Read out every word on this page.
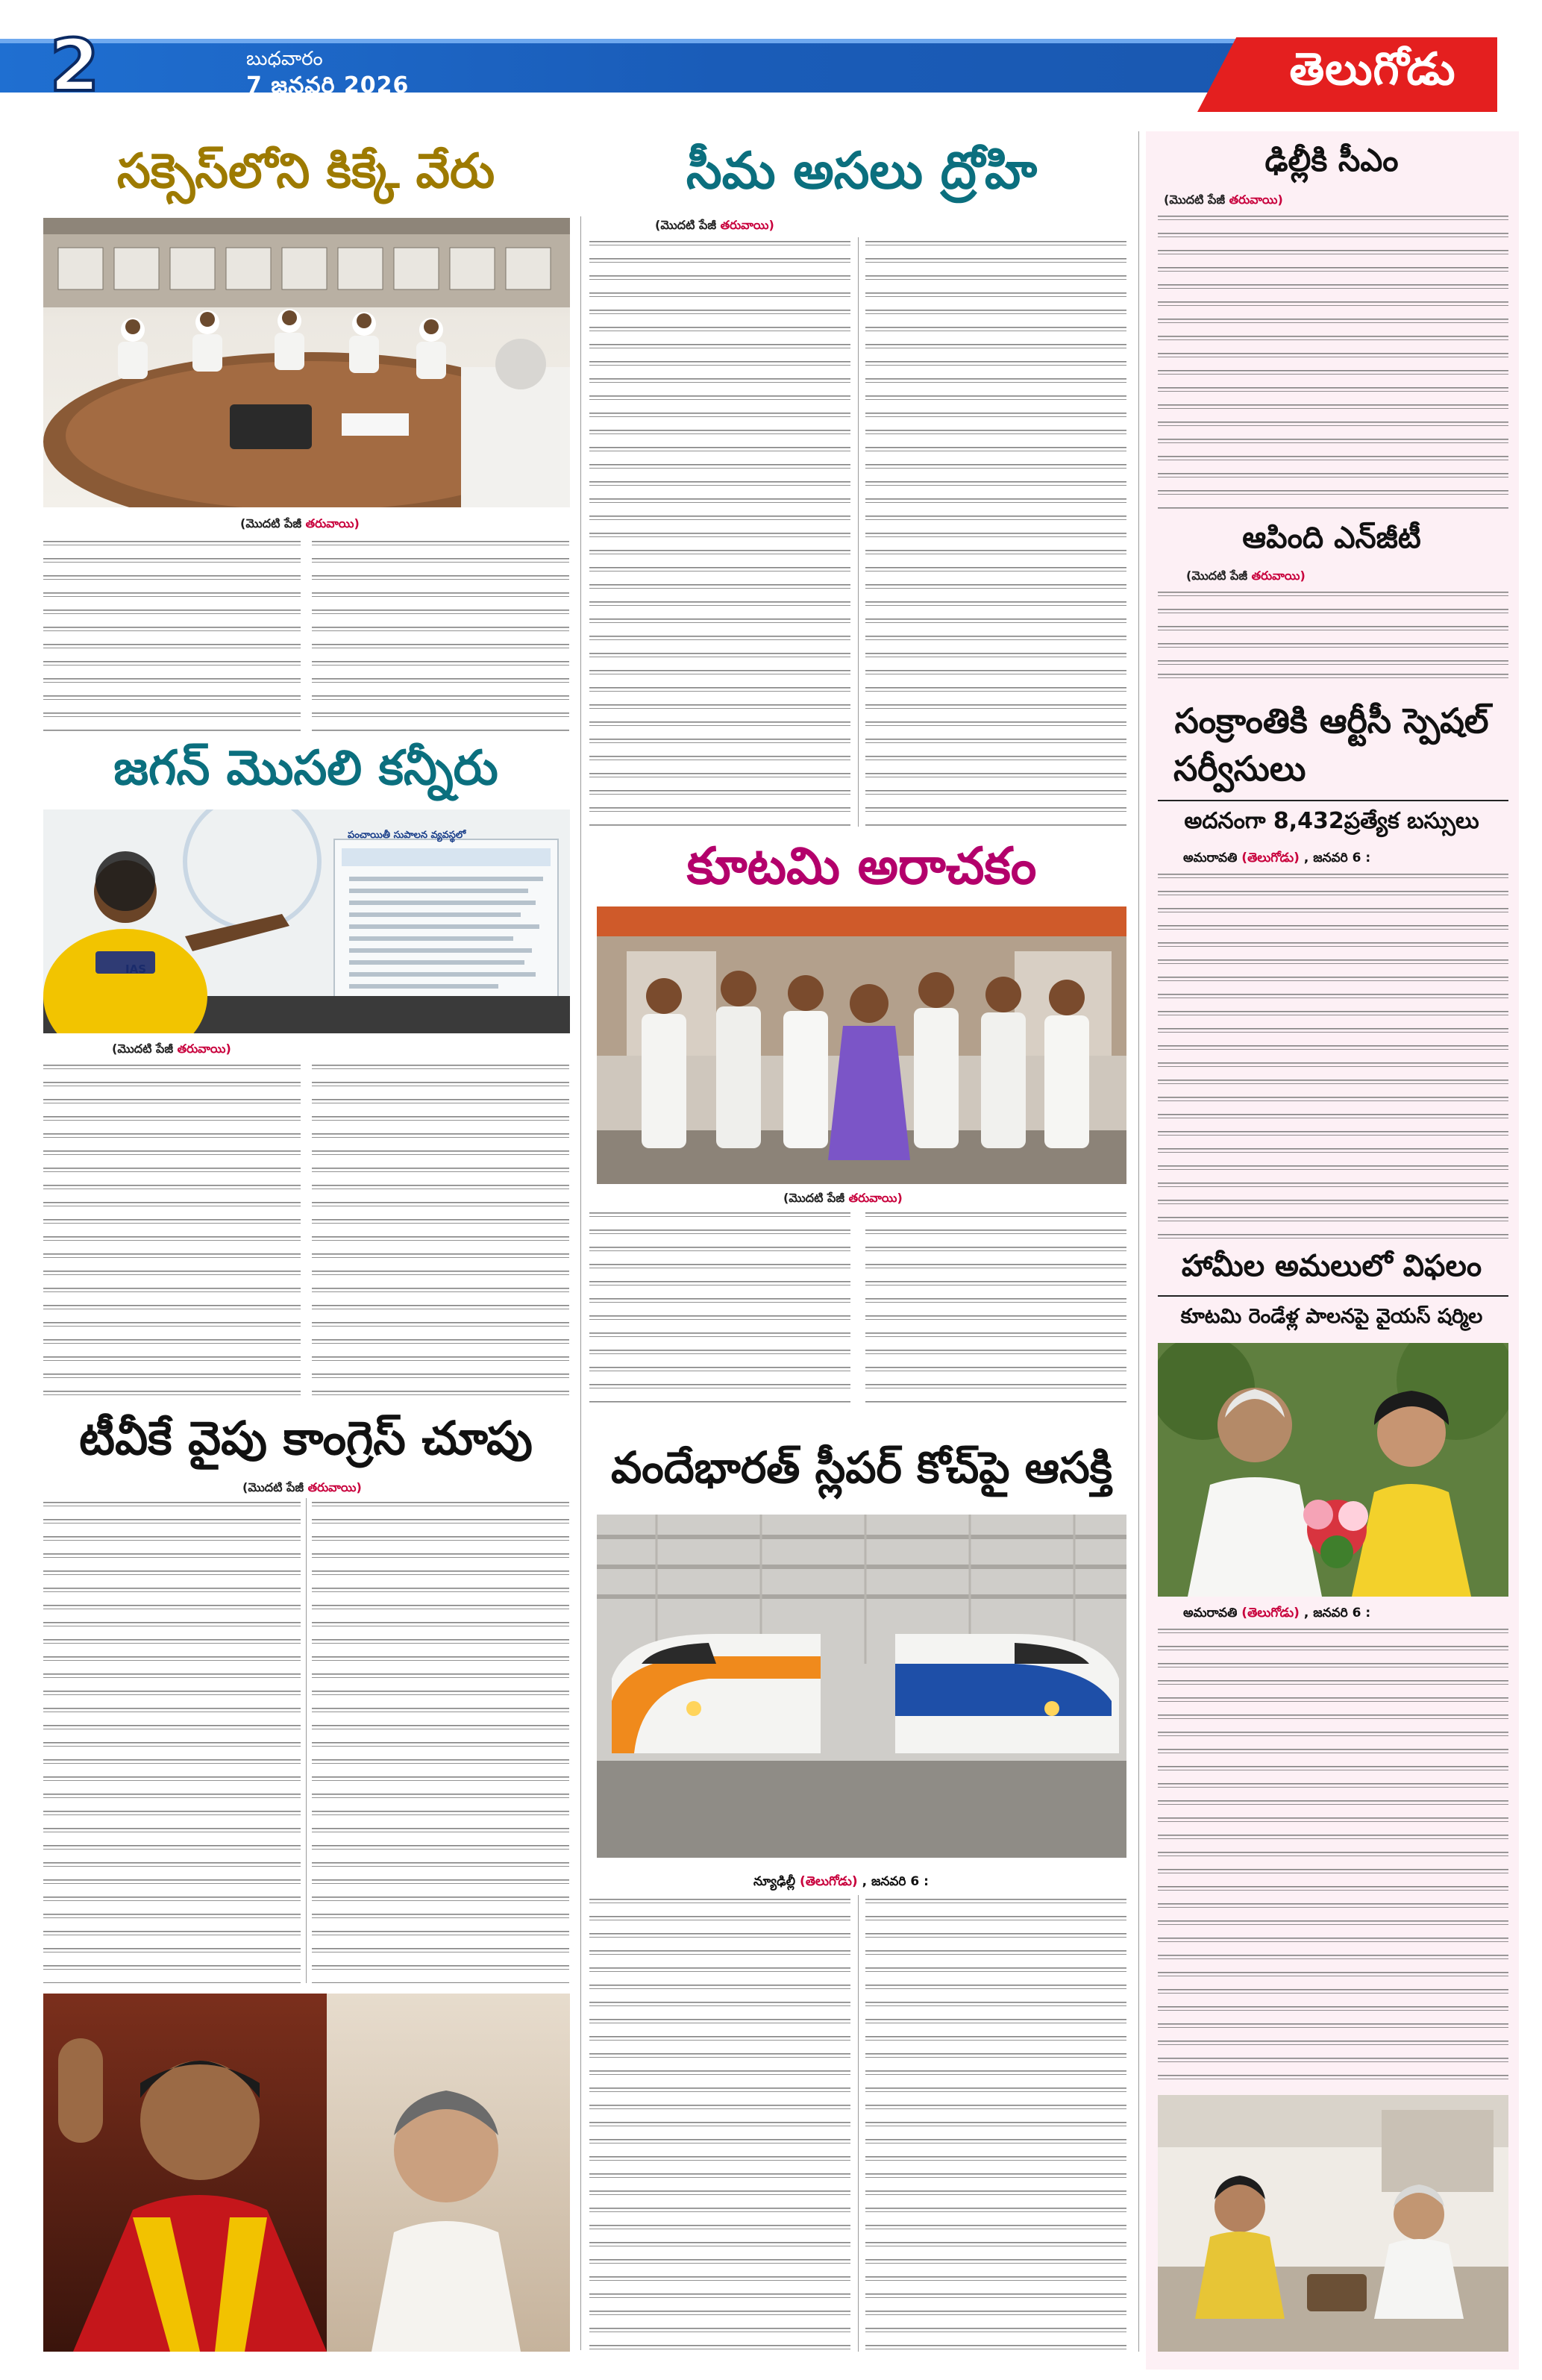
2	బుధవారం
7 జనవరి 2026	తెలుగోడు
సక్సెస్‌లోని కిక్కే వేరు
(మొదటి పేజీ తరువాయి)
జగన్ మొసలి కన్నీరు
పంచాయితీ సుపాలన వ్యవస్థలో
IAS
(మొదటి పేజీ తరువాయి)
టీవీకే వైపు కాంగ్రెస్ చూపు
(మొదటి పేజీ తరువాయి)
సీమ అసలు ద్రోహి
(మొదటి పేజీ తరువాయి)
కూటమి అరాచకం
(మొదటి పేజీ తరువాయి)
వందేభారత్ స్లీపర్ కోచ్‌పై ఆసక్తి
న్యూఢిల్లీ (తెలుగోడు) , జనవరి 6 :
ఢిల్లీకి సీఎం
(మొదటి పేజీ తరువాయి)
ఆపింది ఎన్‌జీటీ
(మొదటి పేజీ తరువాయి)
సంక్రాంతికి ఆర్టీసీ స్పెషల్
సర్వీసులు
అదనంగా 8,432ప్రత్యేక బస్సులు
అమరావతి (తెలుగోడు) , జనవరి 6 :
హామీల అమలులో విఫలం
కూటమి రెండేళ్ల పాలనపై వైయస్ షర్మిల
అమరావతి (తెలుగోడు) , జనవరి 6 :
